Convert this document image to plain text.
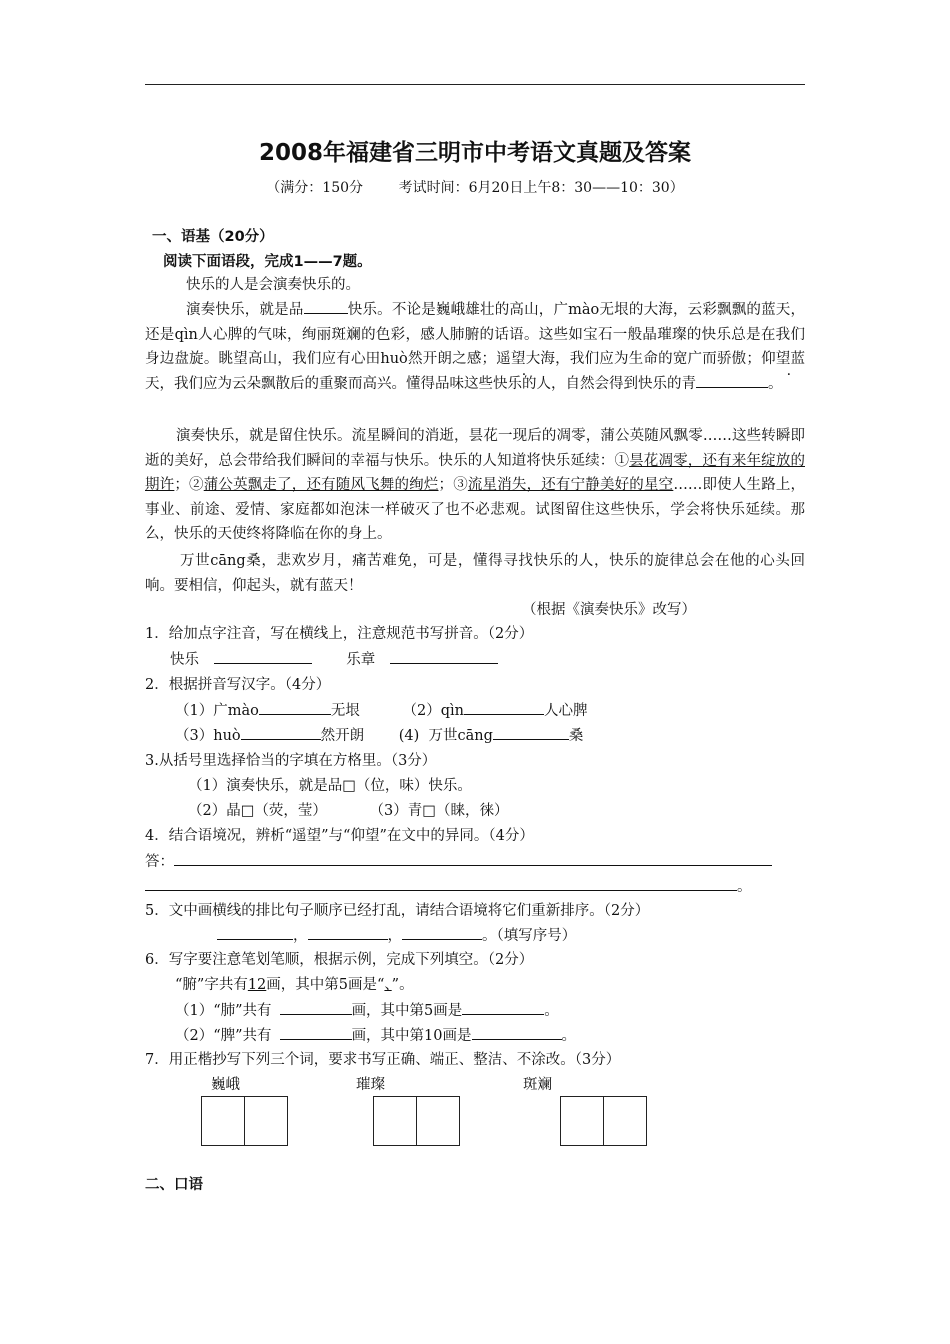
2008年福建省三明市中考语文真题及答案
（满分：150分        考试时间：6月20日上午8：30——10：30）
一、语基（20分）
阅读下面语段，完成1——7题。
快乐的人是会演奏快乐的。
演奏快乐，就是品	快乐。不论是巍峨雄壮的高山，广mào无垠的大海，云彩飘飘的蓝天，还是qìn人心脾的气味，绚丽斑斓的色彩，感人肺腑的话语。这些如宝石一般晶璀璨的快乐总是在我们身边盘旋。眺望高山，我们应有心田huò然开朗之感；遥望大海，我们应为生命的宽广而骄傲；仰望蓝天，我们应为云朵飘散后的重聚而高兴。懂得品味这些快乐的人，自然会得到快乐的青	。
演奏快乐，就是留住快乐。流星瞬间的消逝，昙花一现后的凋零，蒲公英随风飘零……这些转瞬即逝的美好，总会带给我们瞬间的幸福与快乐。快乐的人知道将快乐延续：①昙花凋零，还有来年绽放的期许；②蒲公英飘走了，还有随风飞舞的绚烂；③流星消失，还有宁静美好的星空……即使人生路上，事业、前途、爱情、家庭都如泡沫一样破灭了也不必悲观。试图留住这些快乐，学会将快乐延续。那么，快乐的天使终将降临在你的身上。
万世cāng桑，悲欢岁月，痛苦难免，可是，懂得寻找快乐的人，快乐的旋律总会在他的心头回响。要相信，仰起头，就有蓝天！
（根据《演奏快乐》改写）
1．给加点字注音，写在横线上，注意规范书写拼音。（2分）
快乐	乐章
2．根据拼音写汉字。（4分）
（1）广mào	无垠	（2）qìn	人心脾
（3）huò	然开朗 (4)  万世cāng	桑
3.从括号里选择恰当的字填在方格里。（3分）
（1）演奏快乐，就是品□（位，味）快乐。
（2）晶□（荧，莹）	（3）青□（睐，徕）
4．结合语境况，辨析“遥望”与“仰望”在文中的异同。（4分）
答：
。
5．文中画横线的排比句子顺序已经打乱，请结合语境将它们重新排序。（2分）
，	，	。（填写序号）
6．写字要注意笔划笔顺，根据示例，完成下列填空。（2分）
“腑”字共有12画，其中第5画是“、”。
（1）“肺”共有	画，其中第5画是	。
（2）“脾”共有	画，其中第10画是	。
7．用正楷抄写下列三个词，要求书写正确、端正、整洁、不涂改。（3分）
巍峨	璀璨	斑斓
二、口语
